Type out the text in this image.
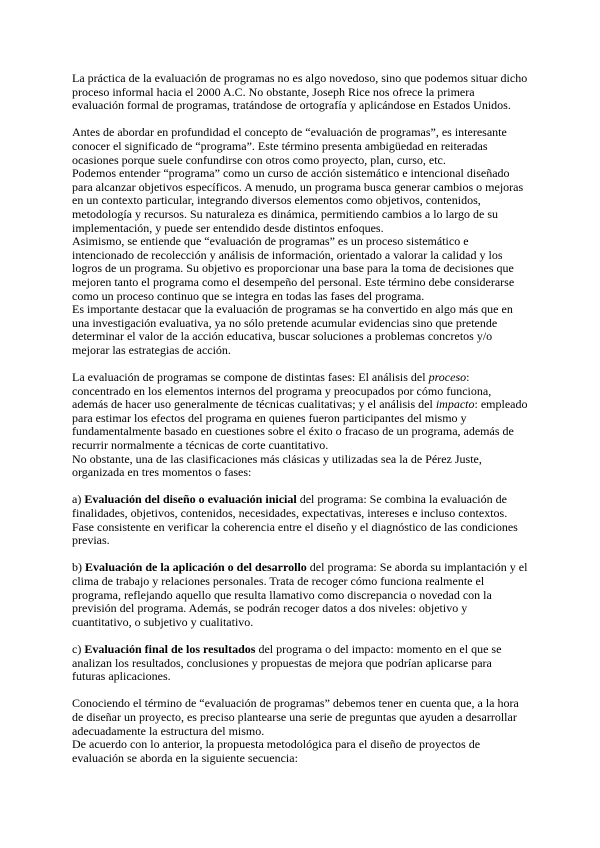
La práctica de la evaluación de programas no es algo novedoso, sino que podemos situar dicho proceso informal hacia el 2000 A.C. No obstante, Joseph Rice nos ofrece la primera evaluación formal de programas, tratándose de ortografía y aplicándose en Estados Unidos.

Antes de abordar en profundidad el concepto de “evaluación de programas”, es interesante conocer el significado de “programa”. Este término presenta ambigüedad en reiteradas ocasiones porque suele confundirse con otros como proyecto, plan, curso, etc.

Podemos entender “programa” como un curso de acción sistemático e intencional diseñado para alcanzar objetivos específicos. A menudo, un programa busca generar cambios o mejoras en un contexto particular, integrando diversos elementos como objetivos, contenidos, metodología y recursos. Su naturaleza es dinámica, permitiendo cambios a lo largo de su implementación, y puede ser entendido desde distintos enfoques.

Asimismo, se entiende que “evaluación de programas” es un proceso sistemático e intencionado de recolección y análisis de información, orientado a valorar la calidad y los logros de un programa. Su objetivo es proporcionar una base para la toma de decisiones que mejoren tanto el programa como el desempeño del personal. Este término debe considerarse como un proceso continuo que se integra en todas las fases del programa.

Es importante destacar que la evaluación de programas se ha convertido en algo más que en una investigación evaluativa, ya no sólo pretende acumular evidencias sino que pretende determinar el valor de la acción educativa, buscar soluciones a problemas concretos y/o mejorar las estrategias de acción.

La evaluación de programas se compone de distintas fases: El análisis del proceso: concentrado en los elementos internos del programa y preocupados por cómo funciona, además de hacer uso generalmente de técnicas cualitativas; y el análisis del impacto: empleado para estimar los efectos del programa en quienes fueron participantes del mismo y fundamentalmente basado en cuestiones sobre el éxito o fracaso de un programa, además de recurrir normalmente a técnicas de corte cuantitativo.

No obstante, una de las clasificaciones más clásicas y utilizadas sea la de Pérez Juste, organizada en tres momentos o fases:

a) Evaluación del diseño o evaluación inicial del programa: Se combina la evaluación de finalidades, objetivos, contenidos, necesidades, expectativas, intereses e incluso contextos. Fase consistente en verificar la coherencia entre el diseño y el diagnóstico de las condiciones previas.

b) Evaluación de la aplicación o del desarrollo del programa: Se aborda su implantación y el clima de trabajo y relaciones personales. Trata de recoger cómo funciona realmente el programa, reflejando aquello que resulta llamativo como discrepancia o novedad con la previsión del programa. Además, se podrán recoger datos a dos niveles: objetivo y cuantitativo, o subjetivo y cualitativo.

c) Evaluación final de los resultados del programa o del impacto: momento en el que se analizan los resultados, conclusiones y propuestas de mejora que podrían aplicarse para futuras aplicaciones.

Conociendo el término de “evaluación de programas” debemos tener en cuenta que, a la hora de diseñar un proyecto, es preciso plantearse una serie de preguntas que ayuden a desarrollar adecuadamente la estructura del mismo.

De acuerdo con lo anterior, la propuesta metodológica para el diseño de proyectos de evaluación se aborda en la siguiente secuencia:
